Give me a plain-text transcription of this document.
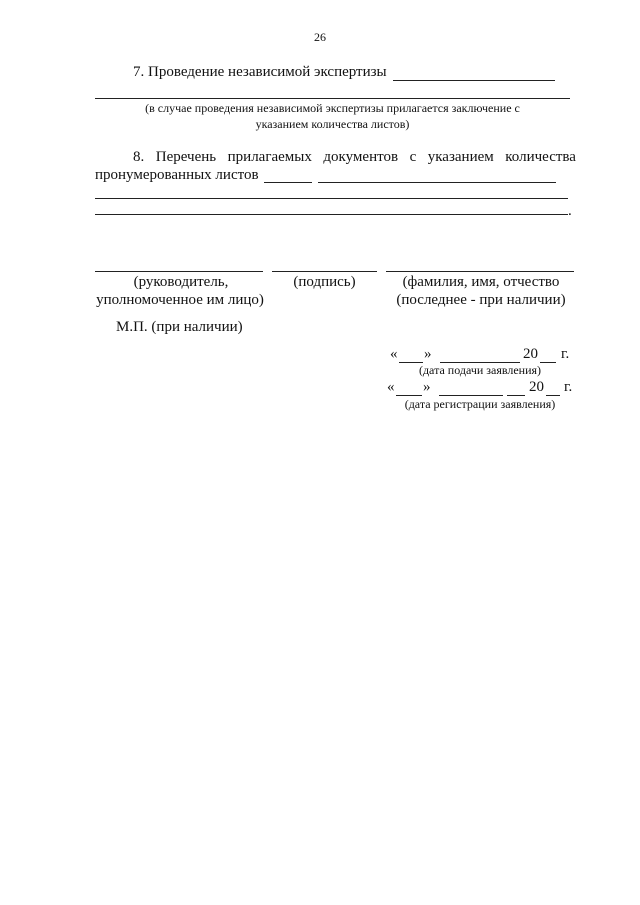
26
7. Проведение независимой экспертизы
(в случае проведения независимой экспертизы прилагается заключение с
указанием количества листов)
8. Перечень прилагаемых документов с указанием количества
пронумерованных листов
.
(руководитель,
уполномоченное им лицо)
(подпись)	(фамилия, имя, отчество
(последнее - при наличии)
М.П. (при наличии)
« »	20 г.
(дата подачи заявления)
« »	20 г.
(дата регистрации заявления)
